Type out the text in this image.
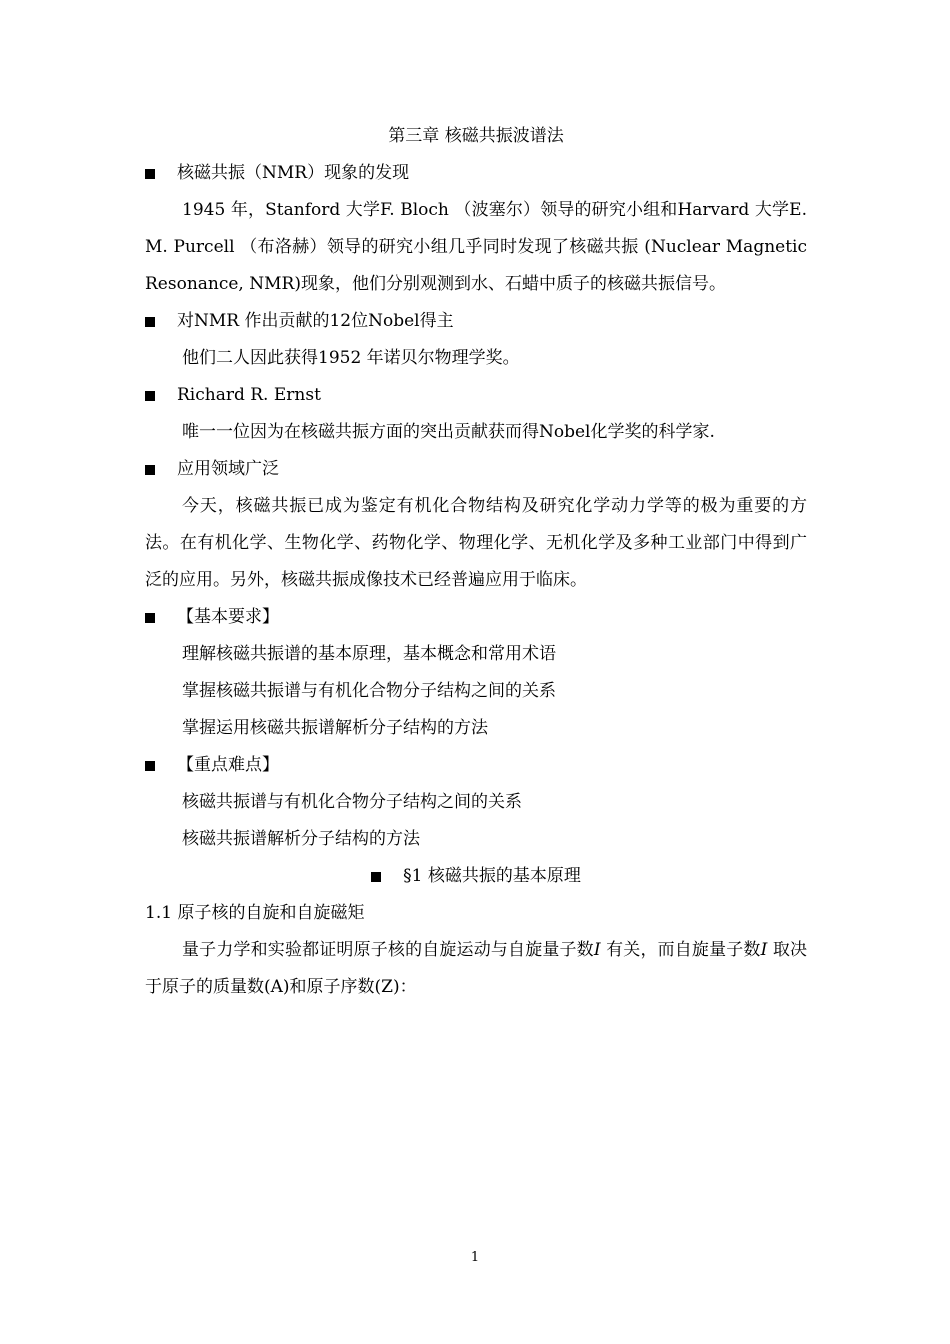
第三章 核磁共振波谱法
核磁共振（NMR）现象的发现

1945 年，Stanford 大学F. Bloch （波塞尔）领导的研究小组和Harvard 大学E. M. Purcell （布洛赫）领导的研究小组几乎同时发现了核磁共振 (Nuclear Magnetic Resonance, NMR)现象，他们分别观测到水、石蜡中质子的核磁共振信号。

对NMR 作出贡献的12位Nobel得主
他们二人因此获得1952 年诺贝尔物理学奖。
Richard R. Ernst
唯一一位因为在核磁共振方面的突出贡献获而得Nobel化学奖的科学家.
应用领域广泛

今天，核磁共振已成为鉴定有机化合物结构及研究化学动力学等的极为重要的方法。在有机化学、生物化学、药物化学、物理化学、无机化学及多种工业部门中得到广泛的应用。另外，核磁共振成像技术已经普遍应用于临床。

【基本要求】
理解核磁共振谱的基本原理，基本概念和常用术语
掌握核磁共振谱与有机化合物分子结构之间的关系
掌握运用核磁共振谱解析分子结构的方法
【重点难点】
核磁共振谱与有机化合物分子结构之间的关系
核磁共振谱解析分子结构的方法
§1 核磁共振的基本原理
1.1 原子核的自旋和自旋磁矩

量子力学和实验都证明原子核的自旋运动与自旋量子数I 有关，而自旋量子数I 取决于原子的质量数(A)和原子序数(Z)：

1
